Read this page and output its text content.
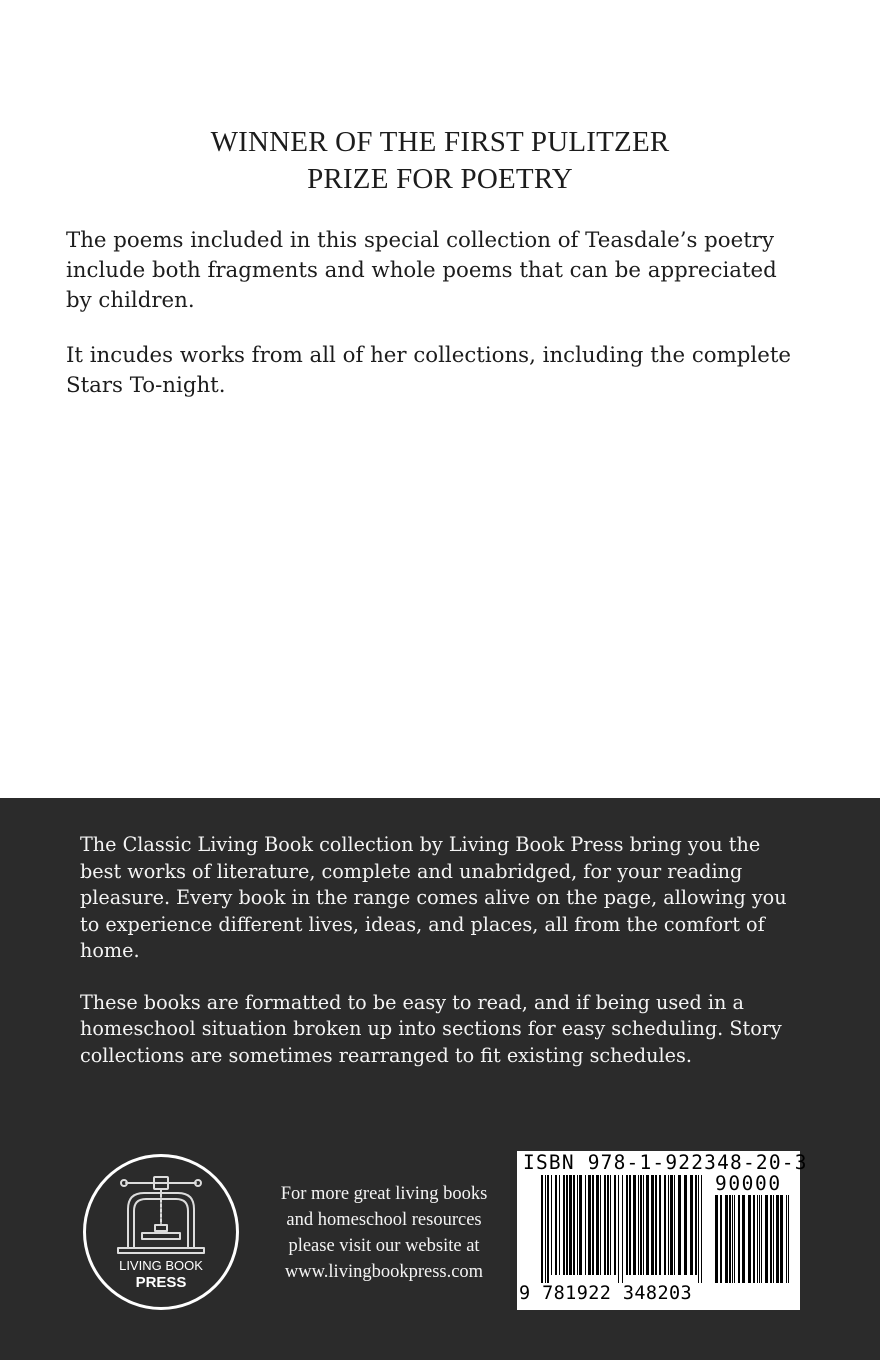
WINNER OF THE FIRST PULITZER
PRIZE FOR POETRY

The poems included in this special collection of Teasdale’s poetry
include both fragments and whole poems that can be appreciated
by children.

It incudes works from all of her collections, including the complete
Stars To-night.

The Classic Living Book collection by Living Book Press bring you the
best works of literature, complete and unabridged, for your reading
pleasure. Every book in the range comes alive on the page, allowing you
to experience different lives, ideas, and places, all from the comfort of
home.

These books are formatted to be easy to read, and if being used in a
homeschool situation broken up into sections for easy scheduling. Story
collections are sometimes rearranged to fit existing schedules.

LIVING BOOK
PRESS
For more great living books
and homeschool resources
please visit our website at
www.livingbookpress.com
ISBN 978-1-922348-20-3
90000
9 781922 348203
